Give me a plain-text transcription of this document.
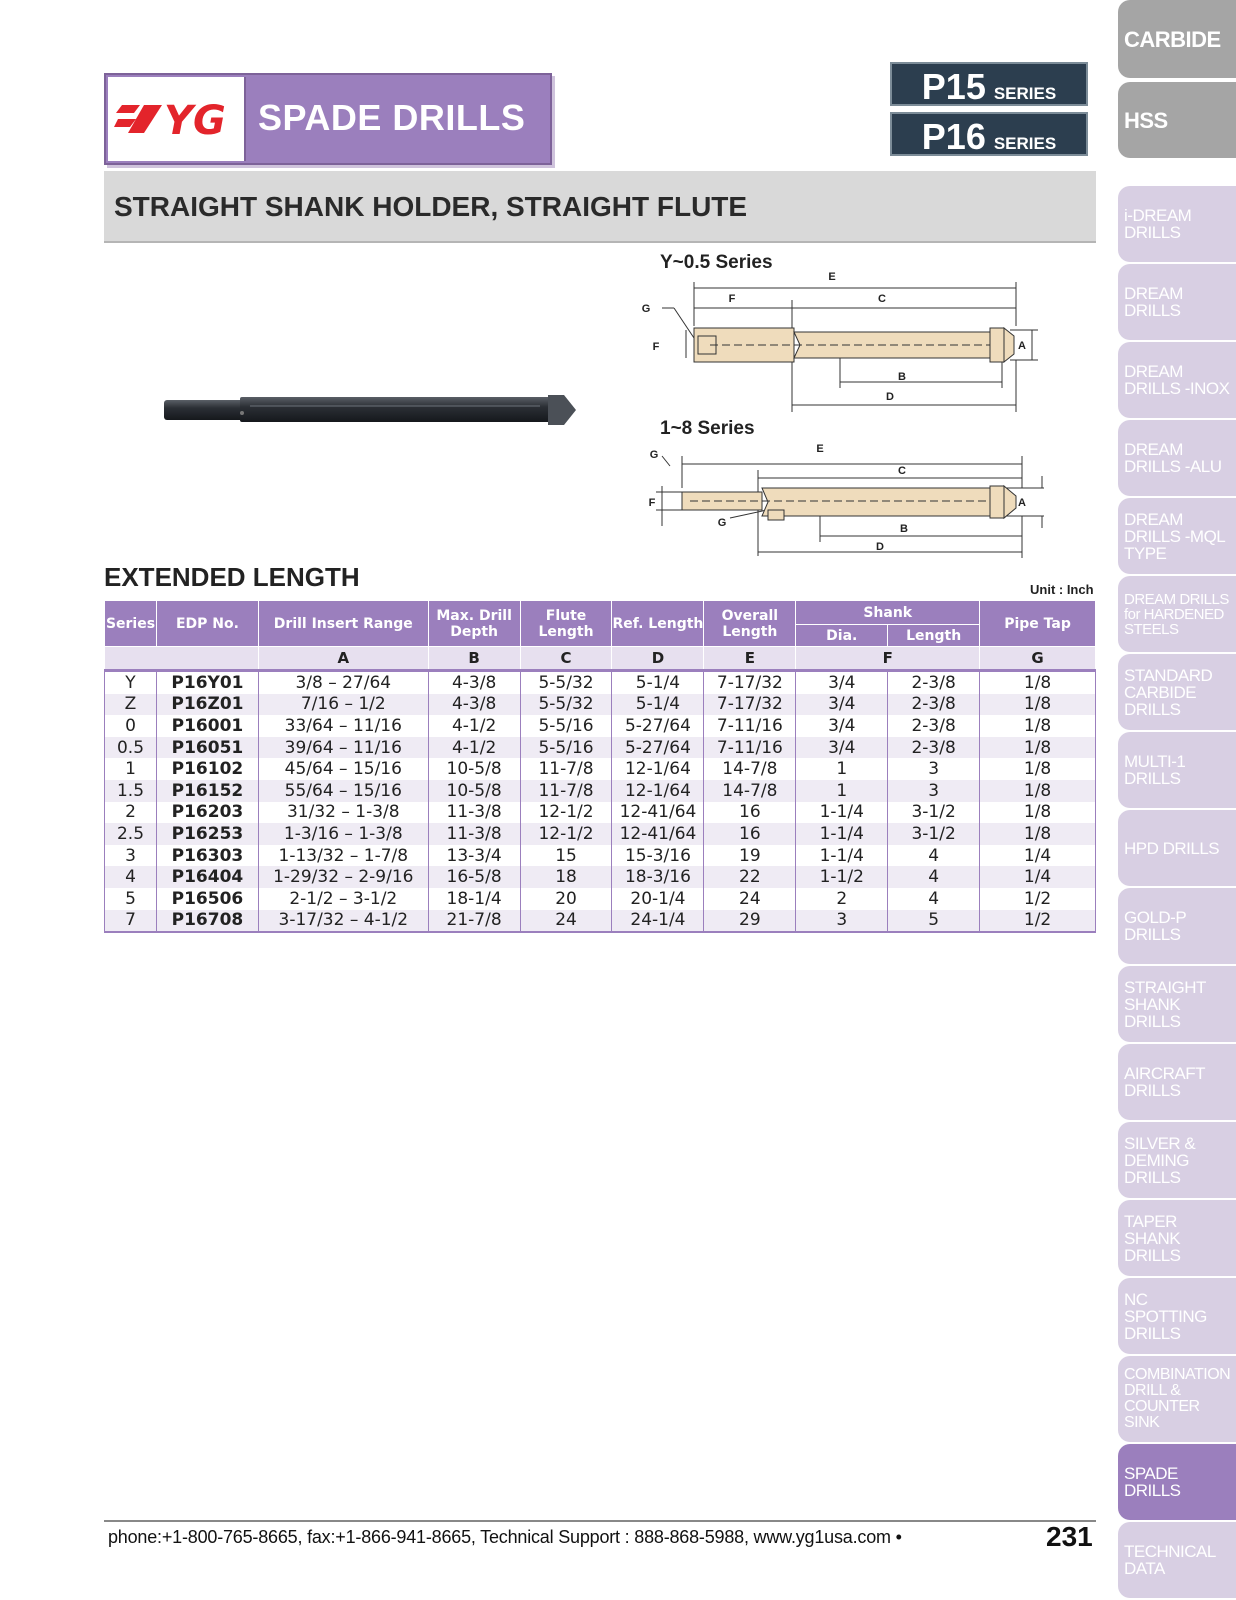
YG SPADE DRILLS
P15 SERIES
P16 SERIES
STRAIGHT SHANK HOLDER, STRAIGHT FLUTE
CARBIDE
HSS
i-DREAM DRILLS
DREAM DRILLS
DREAM DRILLS -INOX
DREAM DRILLS -ALU
DREAM DRILLS -MQL TYPE
DREAM DRILLS for HARDENED STEELS
STANDARD CARBIDE DRILLS
MULTI-1 DRILLS
HPD DRILLS
GOLD-P DRILLS
STRAIGHT SHANK DRILLS
AIRCRAFT DRILLS
SILVER & DEMING DRILLS
TAPER SHANK DRILLS
NC SPOTTING DRILLS
COMBINATION DRILL & COUNTER SINK
SPADE DRILLS
TECHNICAL DATA
Y~0.5 Series
1~8 Series
E
F	C
B
D
A
F
G
E
C
B
D
A
F
G
G
EXTENDED LENGTH	Unit : Inch
Series	EDP No.	Drill Insert Range	Max. Drill Depth	Flute Length	Ref. Length	Overall Length	Shank		Pipe Tap
							Dia.	Length	
		A	B	C	D	E	F		G
Y	P16Y01	3/8 – 27/64	4-3/8	5-5/32	5-1/4	7-17/32	3/4	2-3/8	1/8
Z	P16Z01	7/16 – 1/2	4-3/8	5-5/32	5-1/4	7-17/32	3/4	2-3/8	1/8
0	P16001	33/64 – 11/16	4-1/2	5-5/16	5-27/64	7-11/16	3/4	2-3/8	1/8
0.5	P16051	39/64 – 11/16	4-1/2	5-5/16	5-27/64	7-11/16	3/4	2-3/8	1/8
1	P16102	45/64 – 15/16	10-5/8	11-7/8	12-1/64	14-7/8	1	3	1/8
1.5	P16152	55/64 – 15/16	10-5/8	11-7/8	12-1/64	14-7/8	1	3	1/8
2	P16203	31/32 – 1-3/8	11-3/8	12-1/2	12-41/64	16	1-1/4	3-1/2	1/8
2.5	P16253	1-3/16 – 1-3/8	11-3/8	12-1/2	12-41/64	16	1-1/4	3-1/2	1/8
3	P16303	1-13/32 – 1-7/8	13-3/4	15	15-3/16	19	1-1/4	4	1/4
4	P16404	1-29/32 – 2-9/16	16-5/8	18	18-3/16	22	1-1/2	4	1/4
5	P16506	2-1/2 – 3-1/2	18-1/4	20	20-1/4	24	2	4	1/2
7	P16708	3-17/32 – 4-1/2	21-7/8	24	24-1/4	29	3	5	1/2
phone:+1-800-765-8665, fax:+1-866-941-8665, Technical Support : 888-868-5988, www.yg1usa.com •	231
